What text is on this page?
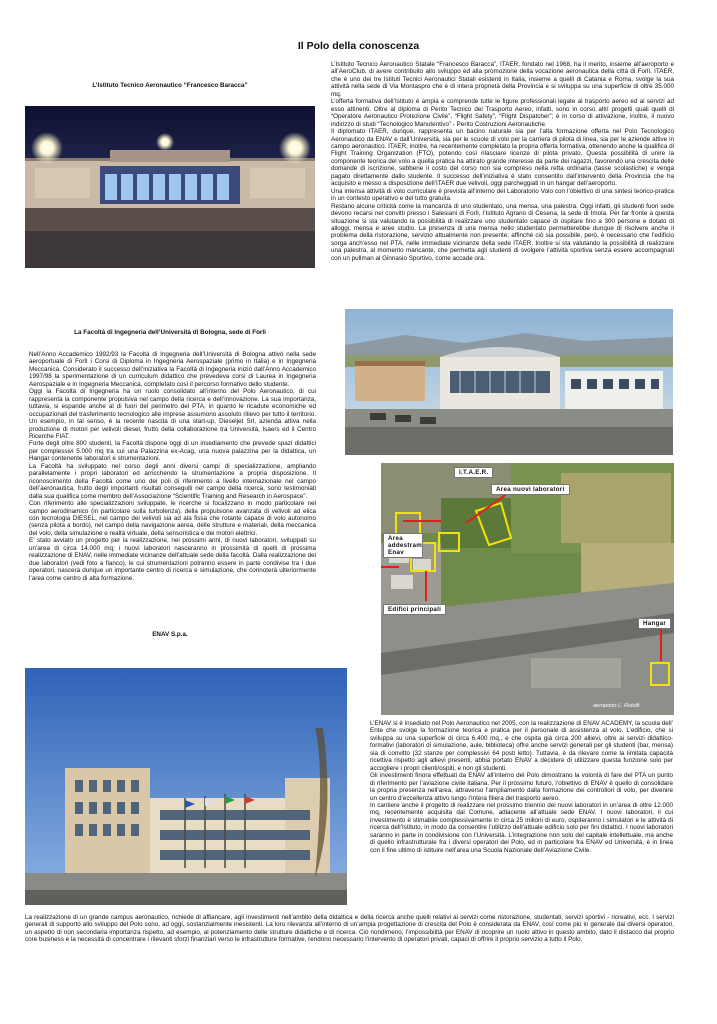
Il Polo della conoscenza
L’Istituto Tecnico Aeronautico “Francesco Baracca”
La Facoltà di Ingegneria dell’Università di Bologna, sede di Forlì

L’Istituto Tecnico Aeronautico Statale “Francesco Baracca”, ITAER, fondato nel 1968, ha il merito, insieme all’aeroporto e all’AeroClub, di avere contribuito allo sviluppo ed alla promozione della vocazione aeronautica della città di Forlì. ITAER, che è uno dei tre Istituti Tecnici Aeronautici Statali esistenti in Italia, insieme a quelli di Catania e Roma, svolge la sua attività nella sede di Via Montaspro che è di intera proprietà della Provincia e si sviluppa su una superficie di oltre 35.000 mq.

L’offerta formativa dell’Istituto è ampia e comprende tutte le figure professionali legate al trasporto aereo ed ai servizi ad esso attinenti. Oltre al diploma di Perito Tecnico del Trasporto Aereo, infatti, sono in corso altri progetti quali quelli di “Operatore Aeronautico Protezione Civile”, “Flight Safety”, “Flight Dispatcher”; è in corso di attivazione, inoltre, il nuovo indirizzo di studi “Tecnologico Manutentivo” - Perito Costruzioni Aeronautiche.

Il diplomato ITAER, dunque, rappresenta un bacino naturale sia per l’alta formazione offerta nel Polo Tecnologico Aeronautico da ENAV e dall’Università, sia per le scuole di volo per la carriera di pilota di linea, sia per le aziende attive in campo aeronautico. ITAER, inoltre, ha recentemente completato la propria offerta formativa, ottenendo anche la qualifica di Flight Training Organization (FTO), potendo così rilasciare licenze di pilota privato. Questa possibilità di unire la componente teorica del volo a quella pratica ha attirato grande interesse da parte dei ragazzi, favorendo una crescita delle domande di iscrizione, sebbene il costo del corso non sia compreso nella retta ordinaria (tasse scolastiche) e venga pagato direttamente dallo studente. Il successo dell’iniziativa è stato consentito dall’intervento della Provincia che ha acquisito e messo a disposizione dell’ITAER due velivoli, oggi parcheggiati in un hangar dell’aeroporto.

Una intensa attività di volo curriculare è prevista all’interno del Laboratorio Volo con l’obiettivo di una sintesi teorico-pratica in un contesto operativo e del tutto gratuita.

Restano alcune criticità come la mancanza di uno studentato, una mensa, una palestra. Oggi infatti, gli studenti fuori sede devono recarsi nei convitti presso i Salesiani di Forlì, l’Istituto Agrario di Cesena, la sede di Imola. Per far fronte a questa situazione si sta valutando la possibilità di realizzare uno studentato capace di ospitare fino a 300 persone e dotato di alloggi, mensa e aree studio. La presenza di una mensa nello studentato permetterebbe dunque di risolvere anche il problema della ristorazione, servizio attualmente non presente; affinché ciò sia possibile, però, è necessario che l’edificio sorga anch’esso nel PTA, nelle immediate vicinanze della sede ITAER. Inoltre si sta valutando la possibilità di realizzare una palestra, al momento mancante, che permetta agli studenti di svolgere l’attività sportiva senza essere accompagnati con un pullman al Ginnasio Sportivo, come accade ora.

Nell’Anno Accademico 1992/93 la Facoltà di Ingegneria dell’Università di Bologna attivò nella sede aeroportuale di Forlì i Corsi di Diploma in Ingegneria Aerospaziale (primo in Italia) e in Ingegneria Meccanica. Considerato il successo dell’iniziativa la Facoltà di Ingegneria iniziò dall’Anno Accademico 1997/98 la sperimentazione di un curriculum didattico che prevedeva corsi di Laurea in Ingegneria Aerospaziale e in Ingegneria Meccanica, completato così il percorso formativo dello studente.

Oggi la Facoltà di Ingegneria ha un ruolo consolidato all’interno del Polo Aeronautico, di cui rappresenta la componente propulsiva nel campo della ricerca e dell’innovazione. La sua importanza, tuttavia, si espande anche al di fuori del perimetro del PTA, in quanto le ricadute economiche ed occupazionali del trasferimento tecnologico alle imprese assumono assoluto rilievo per tutto il territorio. Un esempio, in tal senso, è la recente nascita di una start-up, Dieseljet Srl, azienda attiva nella produzione di motori per velivoli diesel, frutto della collaborazione tra Università, Isaers ed il Centro Ricerche FIAT.

Forte degli oltre 800 studenti, la Facoltà dispone oggi di un insediamento che prevede spazi didattici per complessivi 5.000 mq tra cui una Palazzina ex-Acag, una nuova palazzina per la didattica, un Hangar contenente laboratori e strumentazioni.

La Facoltà ha sviluppato nel corso degli anni diversi campi di specializzazione, ampliando parallelamente i propri laboratori ed arricchendo la strumentazione a propria disposizione. Il riconoscimento della Facoltà come uno dei poli di riferimento a livello internazionale nel campo dell’aeronautica, frutto degli importanti risultati conseguiti nel campo della ricerca, sono testimoniati dalla sua qualifica come membro dell’Associazione “Scientific Training and Research in Aerospace”.

Con riferimento alle specializzazioni sviluppate, le ricerche si focalizzano in modo particolare nel campo aerodinamico (in particolare sulla turbolenza), della propulsione avanzata di velivoli ad elica con tecnologia DIESEL, nel campo dei velivoli sia ad ala fissa che rotante capace di volo autonomo (senza pilota a bordo), nel campo della navigazione aerea, delle strutture e materiali, della meccanica del volo, della simulazione e realtà virtuale, della sensoristica e dei motori elettrici.

E’ stato avviato un progetto per la realizzazione, nei prossimi anni, di nuovi laboratori, sviluppati su un’area di circa 14.000 mq; i nuovi laboratori nasceranno in prossimità di quelli di prossima realizzazione di ENAV, nelle immediate vicinanze dell’attuale sede della facoltà. Dalla realizzazione dei due laboratori (vedi foto a fianco), le cui strumentazioni potranno essere in parte condivise tra i due operatori, nascerà dunque un importante centro di ricerca e simulazione, che connoterà ulteriormente l’area come centro di alta formazione.

ENAV S.p.a.
I.T.A.E.R.
Area nuovi laboratori
Area addestram Enav
Edifici principali
Hangar
aeroporto L. Ridolfi

L’ENAV si è insediato nel Polo Aeronautico nel 2005, con la realizzazione di ENAV ACADEMY, la scuola dell’ Ente che svolge la formazione teorica e pratica per il personale di assistenza al volo. L’edificio, che si sviluppa su una superficie di circa 6.400 mq., e che ospita già circa 200 allievi, oltre ai servizi didattico-formativi (laboratori di simulazione, aule, biblioteca) offre anche servizi generali per gli studenti (bar, mensa) sia di convitto (32 stanze per complessivi 64 posti letto). Tuttavia, è da rilevare come la limitata capacità ricettiva rispetto agli allievi presenti, abbia portato ENAV a decidere di utilizzare questa funzione solo per accogliere i propri clienti/ospiti, e non gli studenti.

Gli investimenti finora effettuati da ENAV all’interno del Polo dimostrano la volontà di fare del PTA un punto di riferimento per l’aviazione civile italiana. Per il prossimo futuro, l’obiettivo di ENAV è quello di consolidare la propria presenza nell’area, attraverso l’ampliamento dalla formazione dei controllori di volo, per divenire un centro d’eccellenza attivo lungo l’intera filiera del trasporto aereo.

In cantiere anche il progetto di realizzare nel prossimo triennio dei nuovi laboratori in un’area di oltre 12.000 mq, recentemente acquisita dal Comune, adiacente all’attuale sede ENAV. I nuovi laboratori, il cui investimento è stimabile complessivamente in circa 25 milioni di euro, ospiteranno i simulatori e le attività di ricerca dell’Istituto, in modo da consentire l’utilizzo dell’attuale edificio solo per fini didattici. I nuovi laboratori saranno in parte in condivisione con l’Università. L’integrazione non solo del capitale intellettuale, ma anche di quello infrastrutturale fra i diversi operatori del Polo, ed in particolare fra ENAV ed Università, è in linea con il fine ultimo di istituire nell’area una Scuola Nazionale dell’Aviazione Civile.

La realizzazione di un grande campus aeronautico, richiede di affiancare, agli investimenti nell’ambito della didattica e della ricerca anche quelli relativi ai servizi come ristorazione, studentati, servizi sportivi - ricreativi, ecc. I servizi generali di supporto allo sviluppo del Polo sono, ad oggi, sostanzialmente inesistenti. La loro rilevanza all’interno di un’ampia progettazione di crescita del Polo è considerata da ENAV, così come più in generale dai diversi operatori, un aspetto di non secondaria importanza rispetto, ad esempio, al potenziamento delle strutture didattiche e di ricerca. Ciò nondimeno, l’impossibilità per ENAV di ricoprire un ruolo attivo in questo ambito, dato il distacco dal proprio core business e la necessità di concentrare i rilevanti sforzi finanziari verso le infrastrutture formative, rendono necessario l’intervento di operatori privati, capaci di offrire il proprio servizio a tutto il Polo.
